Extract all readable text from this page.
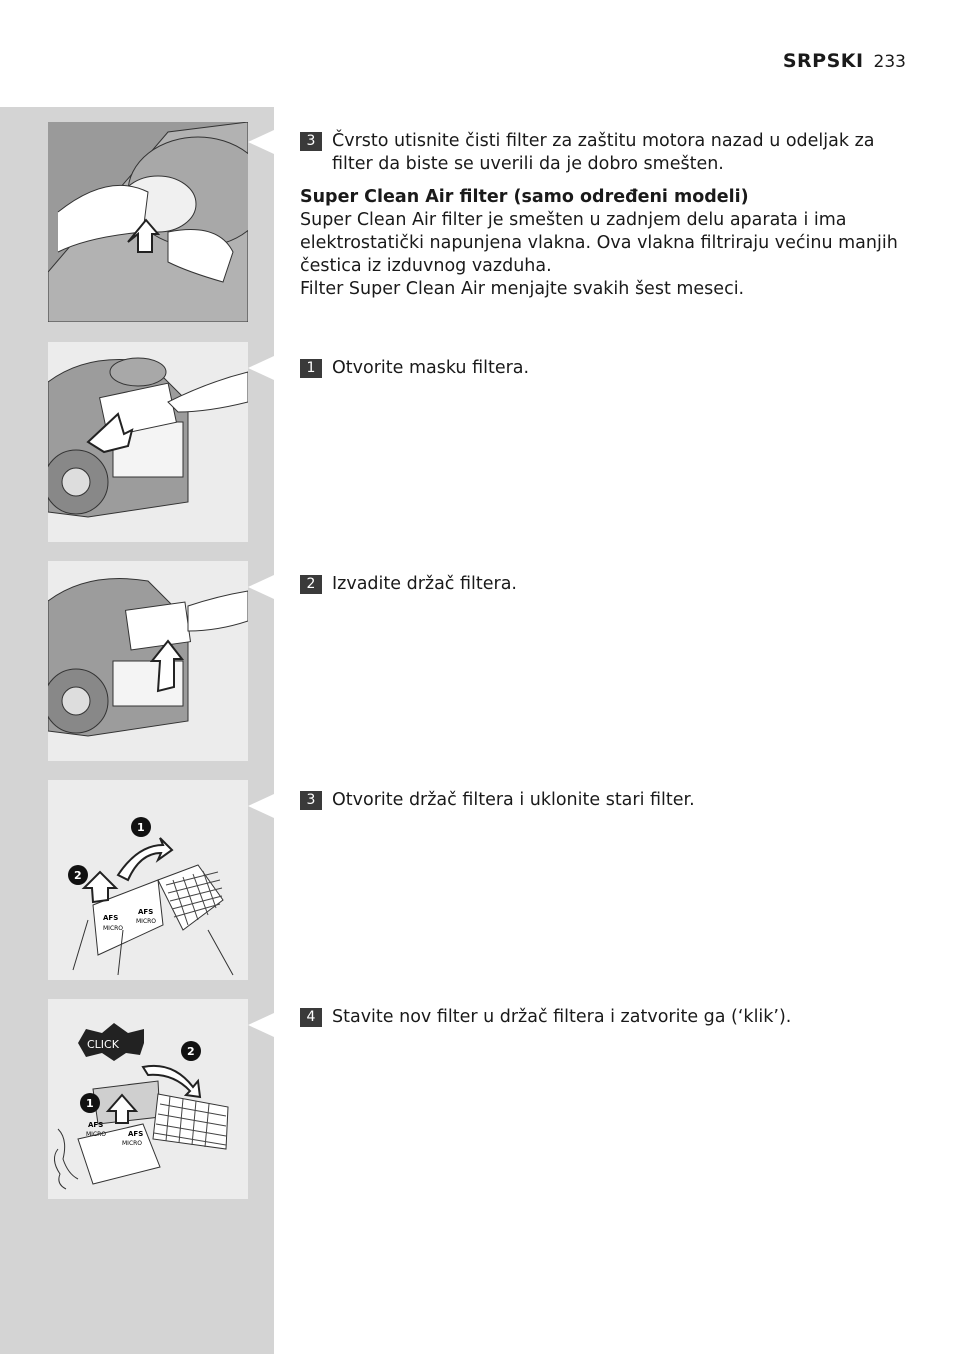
SRPSKI 233
AFS
MICRO
AFS
MICRO
1
2
CLICK
2
1
AFS
MICRO	AFS
MICRO
3 Čvrsto utisnite čisti filter za zaštitu motora nazad u odeljak za filter da biste se uverili da je dobro smešten.

Super Clean Air filter (samo određeni modeli)

Super Clean Air filter je smešten u zadnjem delu aparata i ima elektrostatički napunjena vlakna. Ova vlakna filtriraju većinu manjih čestica iz izduvnog vazduha.

Filter Super Clean Air menjajte svakih šest meseci.

1 Otvorite masku filtera.
2 Izvadite držač filtera.
3 Otvorite držač filtera i uklonite stari filter.
4 Stavite nov filter u držač filtera i zatvorite ga (‘klik’).
